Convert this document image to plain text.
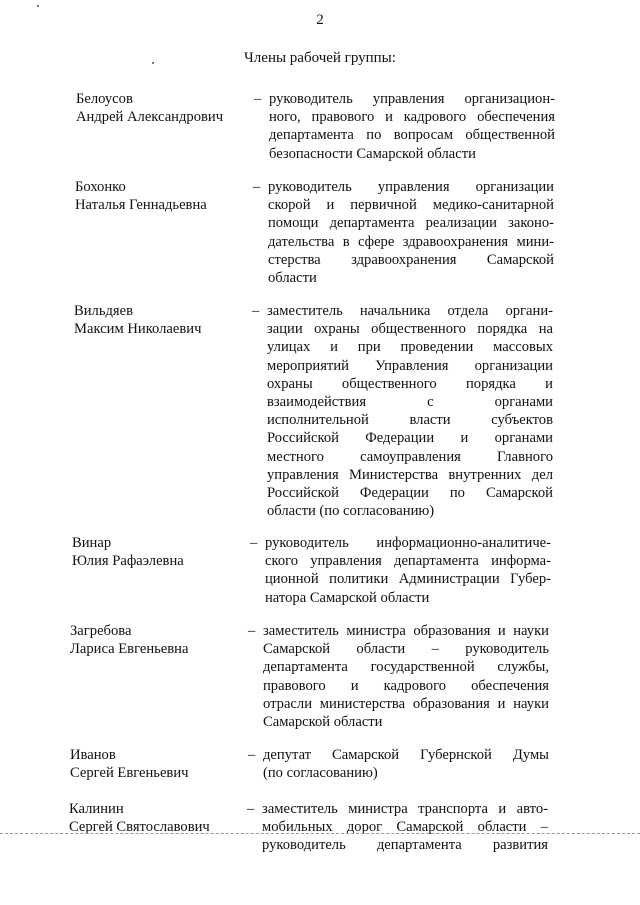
2
Члены рабочей группы:
Белоусов
Андрей Александрович
– руководитель управления организацион-
ного, правового и кадрового обеспечения
департамента по вопросам общественной
безопасности Самарской области
Бохонко
Наталья Геннадьевна
– руководитель управления организации
скорой и первичной медико-санитарной
помощи департамента реализации законо-
дательства в сфере здравоохранения мини-
стерства здравоохранения Самарской
области
Вильдяев
Максим Николаевич
– заместитель начальника отдела органи-
зации охраны общественного порядка на
улицах и при проведении массовых
мероприятий Управления организации
охраны общественного порядка и
взаимодействия с органами
исполнительной власти субъектов
Российской Федерации и органами
местного самоуправления Главного
управления Министерства внутренних дел
Российской Федерации по Самарской
области (по согласованию)
Винар
Юлия Рафаэлевна
– руководитель информационно-аналитиче-
ского управления департамента информа-
ционной политики Администрации Губер-
натора Самарской области
Загребова
Лариса Евгеньевна
– заместитель министра образования и науки
Самарской области – руководитель
департамента государственной службы,
правового и кадрового обеспечения
отрасли министерства образования и науки
Самарской области
Иванов
Сергей Евгеньевич
– депутат Самарской Губернской Думы
(по согласованию)
Калинин
Сергей Святославович
– заместитель министра транспорта и авто-
мобильных дорог Самарской области –
руководитель департамента развития
